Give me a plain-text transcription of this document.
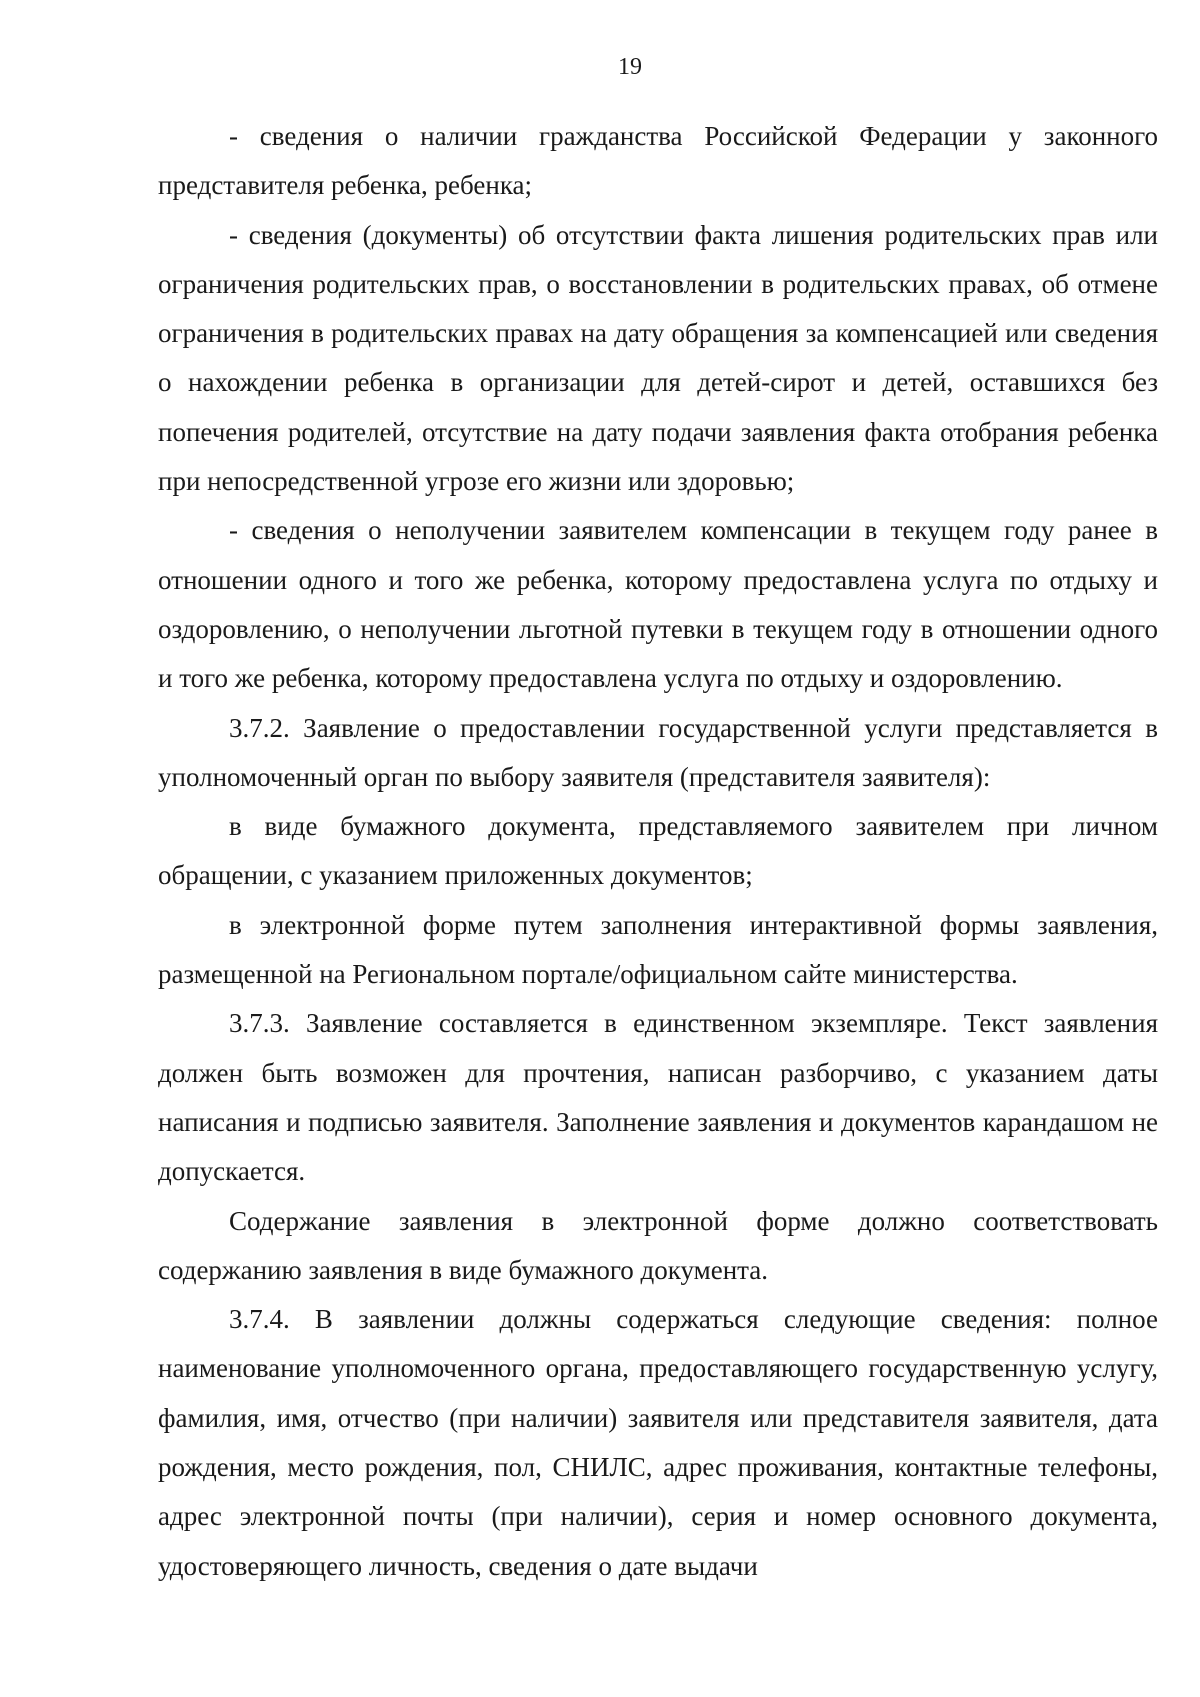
19

- сведения о наличии гражданства Российской Федерации у законного представителя ребенка, ребенка;

- сведения (документы) об отсутствии факта лишения родительских прав или ограничения родительских прав, о восстановлении в родительских правах, об отмене ограничения в родительских правах на дату обращения за компенсацией или сведения о нахождении ребенка в организации для детей-сирот и детей, оставшихся без попечения родителей, отсутствие на дату подачи заявления факта отобрания ребенка при непосредственной угрозе его жизни или здоровью;

- сведения о неполучении заявителем компенсации в текущем году ранее в отношении одного и того же ребенка, которому предоставлена услуга по отдыху и оздоровлению, о неполучении льготной путевки в текущем году в отношении одного и того же ребенка, которому предоставлена услуга по отдыху и оздоровлению.

3.7.2. Заявление о предоставлении государственной услуги представляется в уполномоченный орган по выбору заявителя (представителя заявителя):

в виде бумажного документа, представляемого заявителем при личном обращении, с указанием приложенных документов;

в электронной форме путем заполнения интерактивной формы заявления, размещенной на Региональном портале/официальном сайте министерства.

3.7.3. Заявление составляется в единственном экземпляре. Текст заявления должен быть возможен для прочтения, написан разборчиво, с указанием даты написания и подписью заявителя. Заполнение заявления и документов карандашом не допускается.

Содержание заявления в электронной форме должно соответствовать содержанию заявления в виде бумажного документа.

3.7.4. В заявлении должны содержаться следующие сведения: полное наименование уполномоченного органа, предоставляющего государственную услугу, фамилия, имя, отчество (при наличии) заявителя или представителя заявителя, дата рождения, место рождения, пол, СНИЛС, адрес проживания, контактные телефоны, адрес электронной почты (при наличии), серия и номер основного документа, удостоверяющего личность, сведения о дате выдачи
